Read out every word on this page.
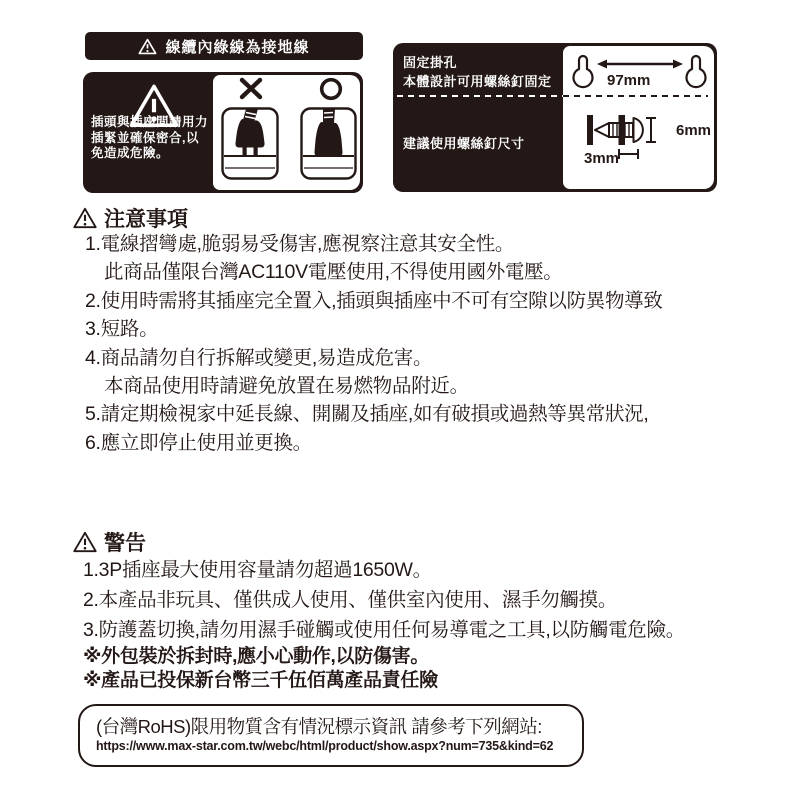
線纜內綠線為接地線
插頭與插座間請用力
插緊並確保密合,以
免造成危險。
固定掛孔
本體設計可用螺絲釘固定
建議使用螺絲釘尺寸
97mm
6mm
3mm
注意事項
1.電線摺彎處,脆弱易受傷害,應視察注意其安全性。
此商品僅限台灣AC110V電壓使用,不得使用國外電壓。
2.使用時需將其插座完全置入,插頭與插座中不可有空隙以防異物導致
3.短路。
4.商品請勿自行拆解或變更,易造成危害。
本商品使用時請避免放置在易燃物品附近。
5.請定期檢視家中延長線、開關及插座,如有破損或過熱等異常狀況,
6.應立即停止使用並更換。
警告
1.3P插座最大使用容量請勿超過1650W。
2.本產品非玩具、僅供成人使用、僅供室內使用、濕手勿觸摸。
3.防護蓋切換,請勿用濕手碰觸或使用任何易導電之工具,以防觸電危險。
※外包裝於拆封時,應小心動作,以防傷害。
※產品已投保新台幣三千伍佰萬產品責任險
(台灣RoHS)限用物質含有情況標示資訊 請參考下列網站:
https://www.max-star.com.tw/webc/html/product/show.aspx?num=735&kind=62
